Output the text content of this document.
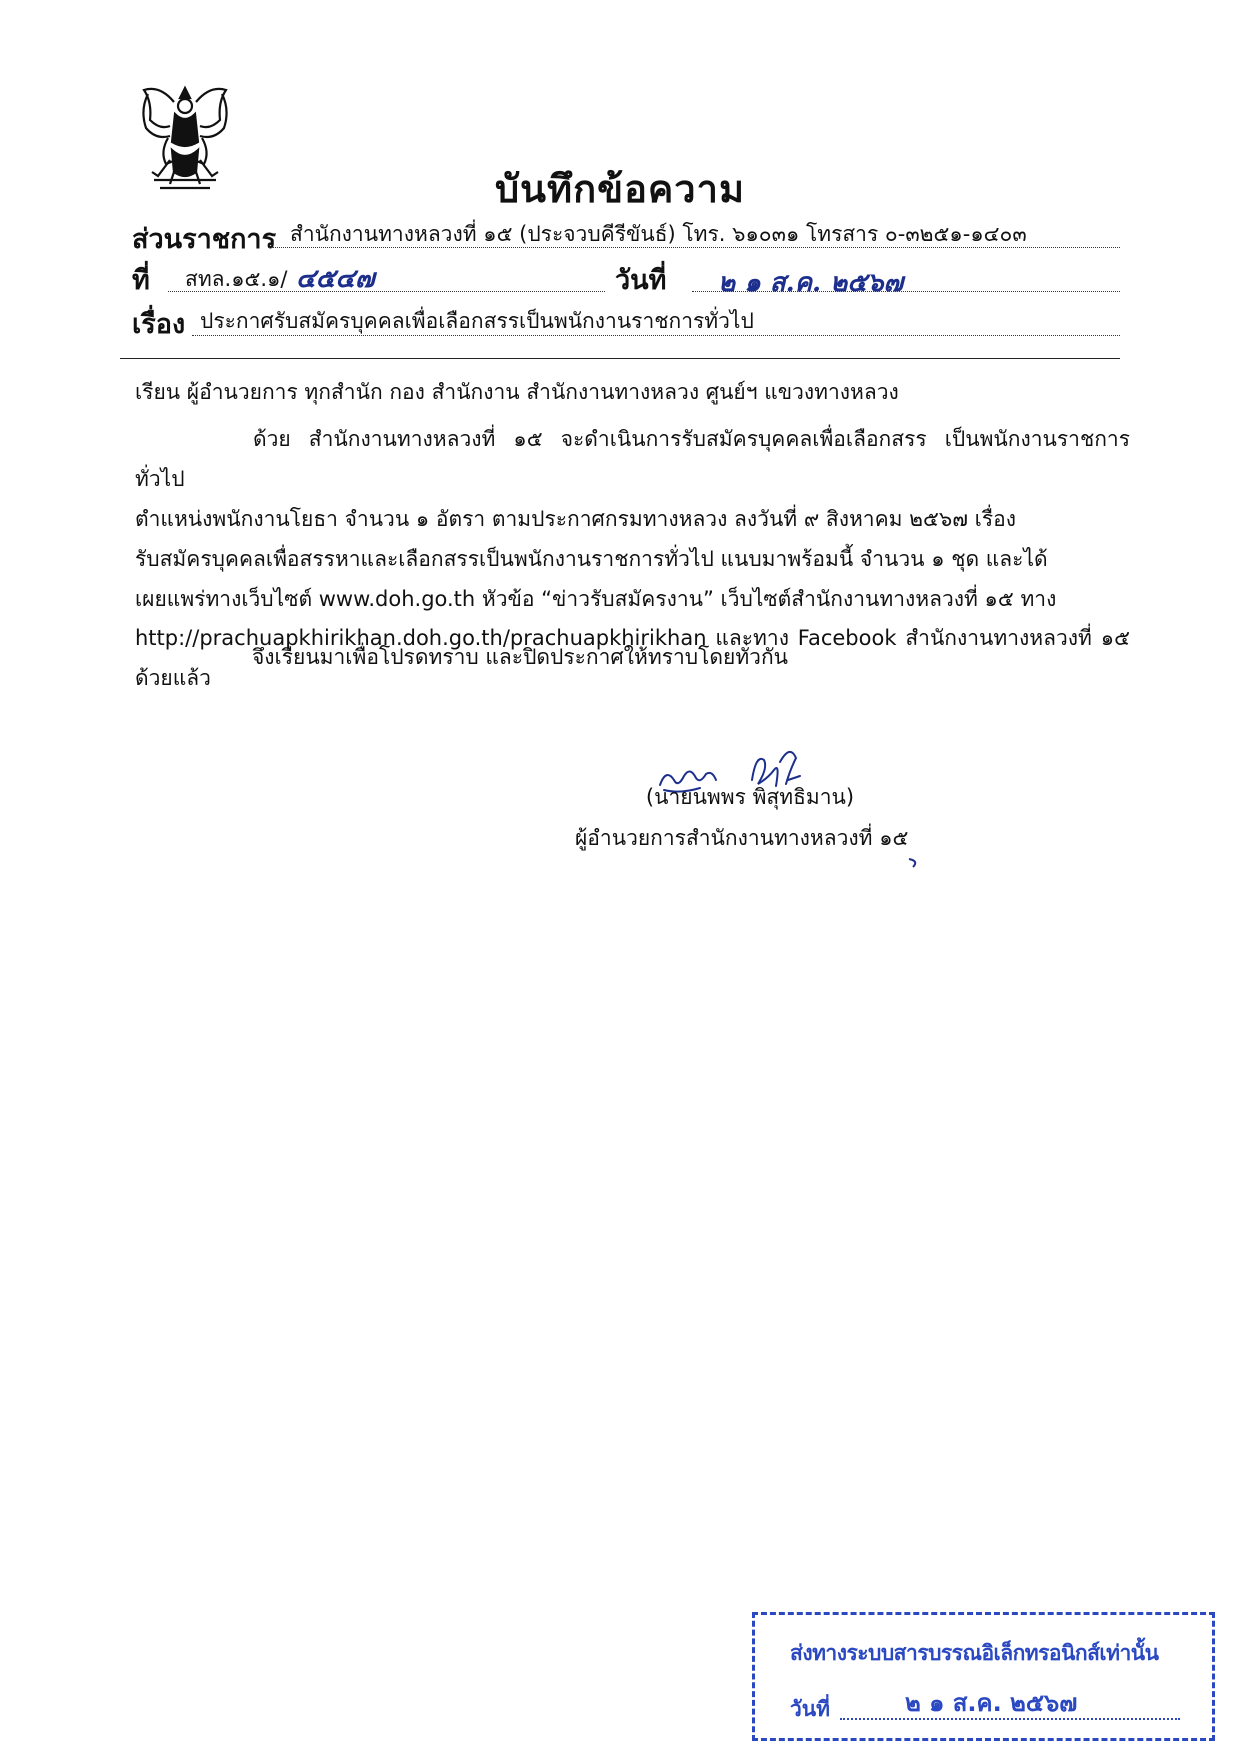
บันทึกข้อความ
ส่วนราชการ สำนักงานทางหลวงที่ ๑๕ (ประจวบคีรีขันธ์) โทร. ๖๑๐๓๑ โทรสาร ๐-๓๒๕๑-๑๔๐๓
ที่ สทล.๑๕.๑/ ๔๕๔๗	วันที่ ๒ ๑ ส.ค. ๒๕๖๗
เรื่อง ประกาศรับสมัครบุคคลเพื่อเลือกสรรเป็นพนักงานราชการทั่วไป
เรียน ผู้อำนวยการ ทุกสำนัก กอง สำนักงาน สำนักงานทางหลวง ศูนย์ฯ แขวงทางหลวง
ด้วย สำนักงานทางหลวงที่ ๑๕ จะดำเนินการรับสมัครบุคคลเพื่อเลือกสรร เป็นพนักงานราชการทั่วไป
ตำแหน่งพนักงานโยธา จำนวน ๑ อัตรา ตามประกาศกรมทางหลวง ลงวันที่ ๙ สิงหาคม ๒๕๖๗ เรื่อง
รับสมัครบุคคลเพื่อสรรหาและเลือกสรรเป็นพนักงานราชการทั่วไป แนบมาพร้อมนี้ จำนวน ๑ ชุด และได้
เผยแพร่ทางเว็บไซต์ www.doh.go.th หัวข้อ “ข่าวรับสมัครงาน” เว็บไซต์สำนักงานทางหลวงที่ ๑๕ ทาง
http://prachuapkhirikhan.doh.go.th/prachuapkhirikhan และทาง Facebook สำนักงานทางหลวงที่ ๑๕ ด้วยแล้ว
จึงเรียนมาเพื่อโปรดทราบ และปิดประกาศให้ทราบโดยทั่วกัน
(นายนพพร พิสุทธิมาน)
ผู้อำนวยการสำนักงานทางหลวงที่ ๑๕
ส่งทางระบบสารบรรณอิเล็กทรอนิกส์เท่านั้น
วันที่	๒ ๑ ส.ค. ๒๕๖๗
